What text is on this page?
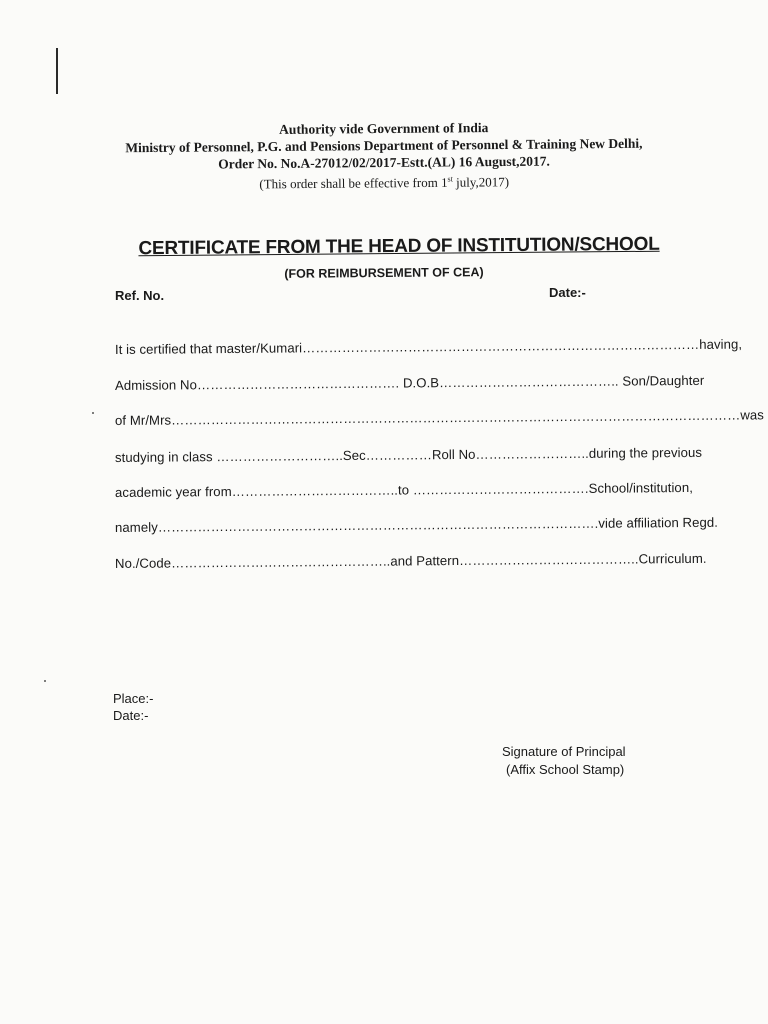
Authority vide Government of India
Ministry of Personnel, P.G. and Pensions Department of Personnel & Training New Delhi,
Order No. No.A-27012/02/2017-Estt.(AL) 16 August,2017.
(This order shall be effective from 1st july,2017)
CERTIFICATE FROM THE HEAD OF INSTITUTION/SCHOOL
(FOR REIMBURSEMENT OF CEA)
Ref. No.	Date:-
It is certified that master/Kumari………………………………………………………………………………having,
Admission No………………………………………. D.O.B………………………………….. Son/Daughter
of Mr/Mrs…………………………………………………………………………………………………………………was
studying in class ………………………..Sec……………Roll No……………………..during the previous
academic year from………………………………..to ………………………………….School/institution,
namely……………………………………………………………………………………….vide affiliation Regd.
No./Code…………………………………………..and Pattern…………………………………..Curriculum.
Place:-
Date:-
Signature of Principal
(Affix School Stamp)
